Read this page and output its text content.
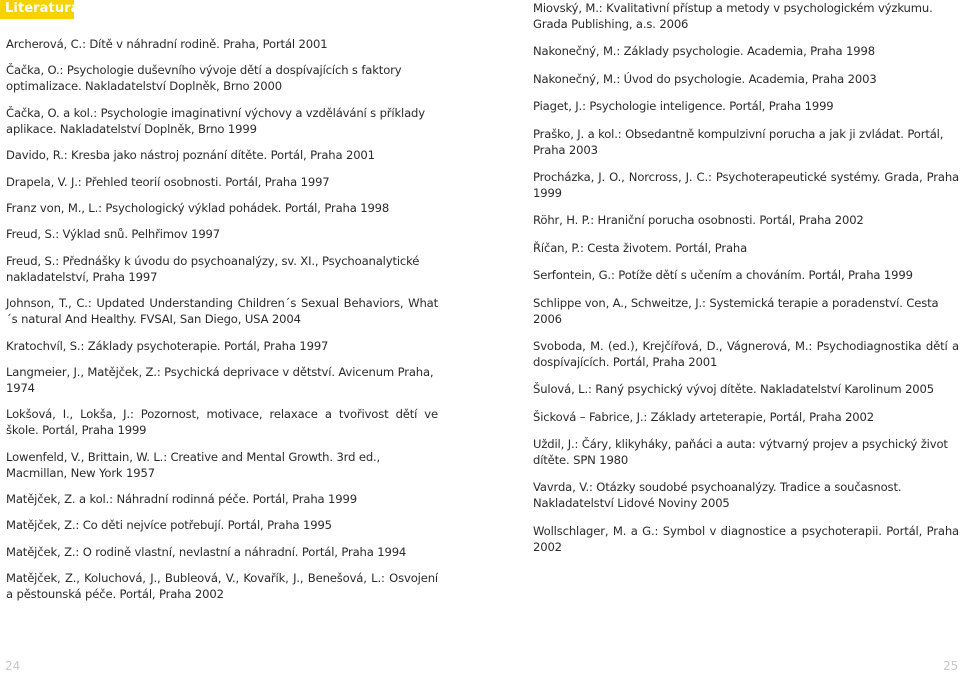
Literatura
Archerová, C.: Dítě v náhradní rodině. Praha, Portál 2001
Čačka, O.: Psychologie duševního vývoje dětí a dospívajících s faktory optimalizace. Nakladatelství Doplněk, Brno 2000
Čačka, O. a kol.: Psychologie imaginativní výchovy a vzdělávání s příklady aplikace. Nakladatelství Doplněk, Brno 1999
Davido, R.: Kresba jako nástroj poznání dítěte. Portál, Praha 2001
Drapela, V. J.: Přehled teorií osobnosti. Portál, Praha 1997
Franz von, M., L.: Psychologický výklad pohádek. Portál, Praha 1998
Freud, S.: Výklad snů. Pelhřimov 1997
Freud, S.: Přednášky k úvodu do psychoanalýzy, sv. XI., Psychoanalytické nakladatelství, Praha 1997
Johnson, T., C.: Updated Understanding Children´s Sexual Behaviors, What´s natural And Healthy. FVSAI, San Diego, USA 2004
Kratochvíl, S.: Základy psychoterapie. Portál, Praha 1997
Langmeier, J., Matějček, Z.: Psychická deprivace v dětství. Avicenum Praha, 1974
Lokšová, I., Lokša, J.: Pozornost, motivace, relaxace a tvořivost dětí ve škole. Portál, Praha 1999
Lowenfeld, V., Brittain, W. L.: Creative and Mental Growth. 3rd ed., Macmillan, New York 1957
Matějček, Z. a kol.: Náhradní rodinná péče. Portál, Praha 1999
Matějček, Z.: Co děti nejvíce potřebují. Portál, Praha 1995
Matějček, Z.: O rodině vlastní, nevlastní a náhradní. Portál, Praha 1994
Matějček, Z., Koluchová, J., Bubleová, V., Kovařík, J., Benešová, L.: Osvojení a pěstounská péče. Portál, Praha 2002
24
Miovský, M.: Kvalitativní přístup a metody v psychologickém výzkumu. Grada Publishing, a.s. 2006
Nakonečný, M.: Základy psychologie. Academia, Praha 1998
Nakonečný, M.: Úvod do psychologie. Academia, Praha 2003
Piaget, J.: Psychologie inteligence. Portál, Praha 1999
Praško, J. a kol.: Obsedantně kompulzivní porucha a jak ji zvládat. Portál, Praha 2003
Procházka, J. O., Norcross, J. C.: Psychoterapeutické systémy. Grada, Praha 1999
Röhr, H. P.: Hraniční porucha osobnosti. Portál, Praha 2002
Říčan, P.: Cesta životem. Portál, Praha
Serfontein, G.: Potíže dětí s učením a chováním. Portál, Praha 1999
Schlippe von, A., Schweitze, J.: Systemická terapie a poradenství. Cesta 2006
Svoboda, M. (ed.), Krejčířová, D., Vágnerová, M.: Psychodiagnostika dětí a dospívajících. Portál, Praha 2001
Šulová, L.: Raný psychický vývoj dítěte. Nakladatelství Karolinum 2005
Šicková – Fabrice, J.: Základy arteterapie, Portál, Praha 2002
Uždil, J.: Čáry, klikyháky, paňáci a auta: výtvarný projev a psychický život dítěte. SPN 1980
Vavrda, V.: Otázky soudobé psychoanalýzy. Tradice a současnost. Nakladatelství Lidové Noviny 2005
Wollschlager, M. a G.: Symbol v diagnostice a psychoterapii. Portál, Praha 2002
25
